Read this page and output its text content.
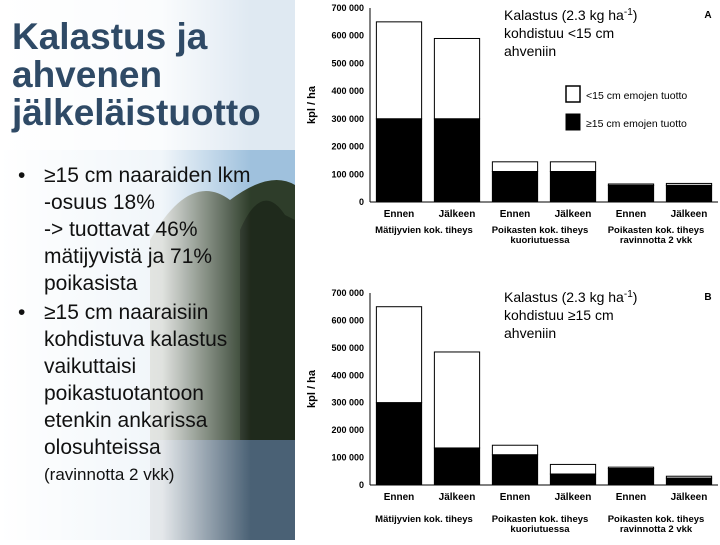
Kalastus ja
ahvenen
jälkeläistuotto
• ≥15 cm naaraiden lkm
-osuus 18%
-> tuottavat 46%
mätijyvistä ja 71%
poikasista
• ≥15 cm naaraisiin
kohdistuva kalastus
vaikuttaisi
poikastuotantoon
etenkin ankarissa
olosuhteissa
(ravinnotta 2 vkk)
0
100 000
200 000
300 000
400 000
500 000
600 000
700 000
kpl / ha
Ennen Jälkeen Ennen Jälkeen Ennen Jälkeen
Mätijyvien kok. tiheys Poikasten kok. tiheys
kuoriutuessa
Poikasten kok. tiheys
ravinnotta 2 vkk
Kalastus (2.3 kg $ha^{-1}$)
kohdistuu <15 cm
ahveniin
A
<15 cm emojen tuotto
≥15 cm emojen tuotto
0
100 000
200 000
300 000
400 000
500 000
600 000
700 000
kpl / ha
Ennen Jälkeen Ennen Jälkeen Ennen Jälkeen
Mätijyvien kok. tiheys Poikasten kok. tiheys
kuoriutuessa
Poikasten kok. tiheys
ravinnotta 2 vkk
Kalastus (2.3 kg $ha^{-1}$)
kohdistuu ≥15 cm
ahveniin
B
